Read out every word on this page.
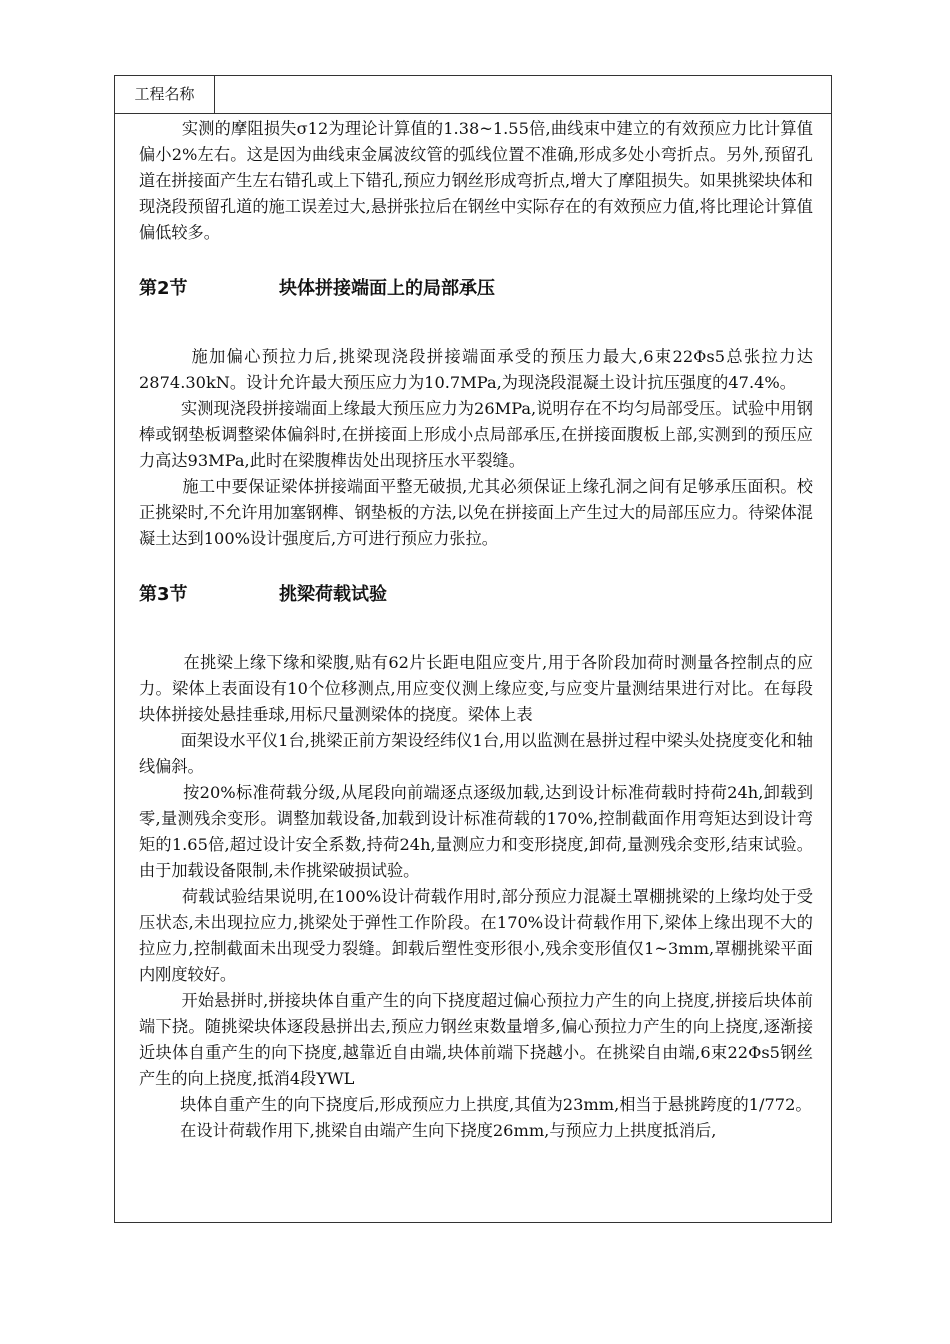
工程名称

实测的摩阻损失σ12为理论计算值的1.38~1.55倍,曲线束中建立的有效预应力比计算值偏小2%左右。这是因为曲线束金属波纹管的弧线位置不准确,形成多处小弯折点。另外,预留孔道在拼接面产生左右错孔或上下错孔,预应力钢丝形成弯折点,增大了摩阻损失。如果挑梁块体和现浇段预留孔道的施工误差过大,悬拼张拉后在钢丝中实际存在的有效预应力值,将比理论计算值偏低较多。

第2节	块体拼接端面上的局部承压

施加偏心预拉力后,挑梁现浇段拼接端面承受的预压力最大,6束22Φs5总张拉力达2874.30kN。设计允许最大预压应力为10.7MPa,为现浇段混凝土设计抗压强度的47.4%。

实测现浇段拼接端面上缘最大预压应力为26MPa,说明存在不均匀局部受压。试验中用钢棒或钢垫板调整梁体偏斜时,在拼接面上形成小点局部承压,在拼接面腹板上部,实测到的预压应力高达93MPa,此时在梁腹榫齿处出现挤压水平裂缝。

施工中要保证梁体拼接端面平整无破损,尤其必须保证上缘孔洞之间有足够承压面积。校正挑梁时,不允许用加塞钢榫、钢垫板的方法,以免在拼接面上产生过大的局部压应力。待梁体混凝土达到100%设计强度后,方可进行预应力张拉。

第3节	挑梁荷载试验

在挑梁上缘下缘和梁腹,贴有62片长距电阻应变片,用于各阶段加荷时测量各控制点的应力。梁体上表面设有10个位移测点,用应变仪测上缘应变,与应变片量测结果进行对比。在每段块体拼接处悬挂垂球,用标尺量测梁体的挠度。梁体上表

面架设水平仪1台,挑梁正前方架设经纬仪1台,用以监测在悬拼过程中梁头处挠度变化和轴线偏斜。

按20%标准荷载分级,从尾段向前端逐点逐级加载,达到设计标准荷载时持荷24h,卸载到零,量测残余变形。调整加载设备,加载到设计标准荷载的170%,控制截面作用弯矩达到设计弯矩的1.65倍,超过设计安全系数,持荷24h,量测应力和变形挠度,卸荷,量测残余变形,结束试验。由于加载设备限制,未作挑梁破损试验。

荷载试验结果说明,在100%设计荷载作用时,部分预应力混凝土罩棚挑梁的上缘均处于受压状态,未出现拉应力,挑梁处于弹性工作阶段。在170%设计荷载作用下,梁体上缘出现不大的拉应力,控制截面未出现受力裂缝。卸载后塑性变形很小,残余变形值仅1~3mm,罩棚挑梁平面内刚度较好。

开始悬拼时,拼接块体自重产生的向下挠度超过偏心预拉力产生的向上挠度,拼接后块体前端下挠。随挑梁块体逐段悬拼出去,预应力钢丝束数量增多,偏心预拉力产生的向上挠度,逐渐接近块体自重产生的向下挠度,越靠近自由端,块体前端下挠越小。在挑梁自由端,6束22Φs5钢丝产生的向上挠度,抵消4段YWL

块体自重产生的向下挠度后,形成预应力上拱度,其值为23mm,相当于悬挑跨度的1/772。

在设计荷载作用下,挑梁自由端产生向下挠度26mm,与预应力上拱度抵消后,
